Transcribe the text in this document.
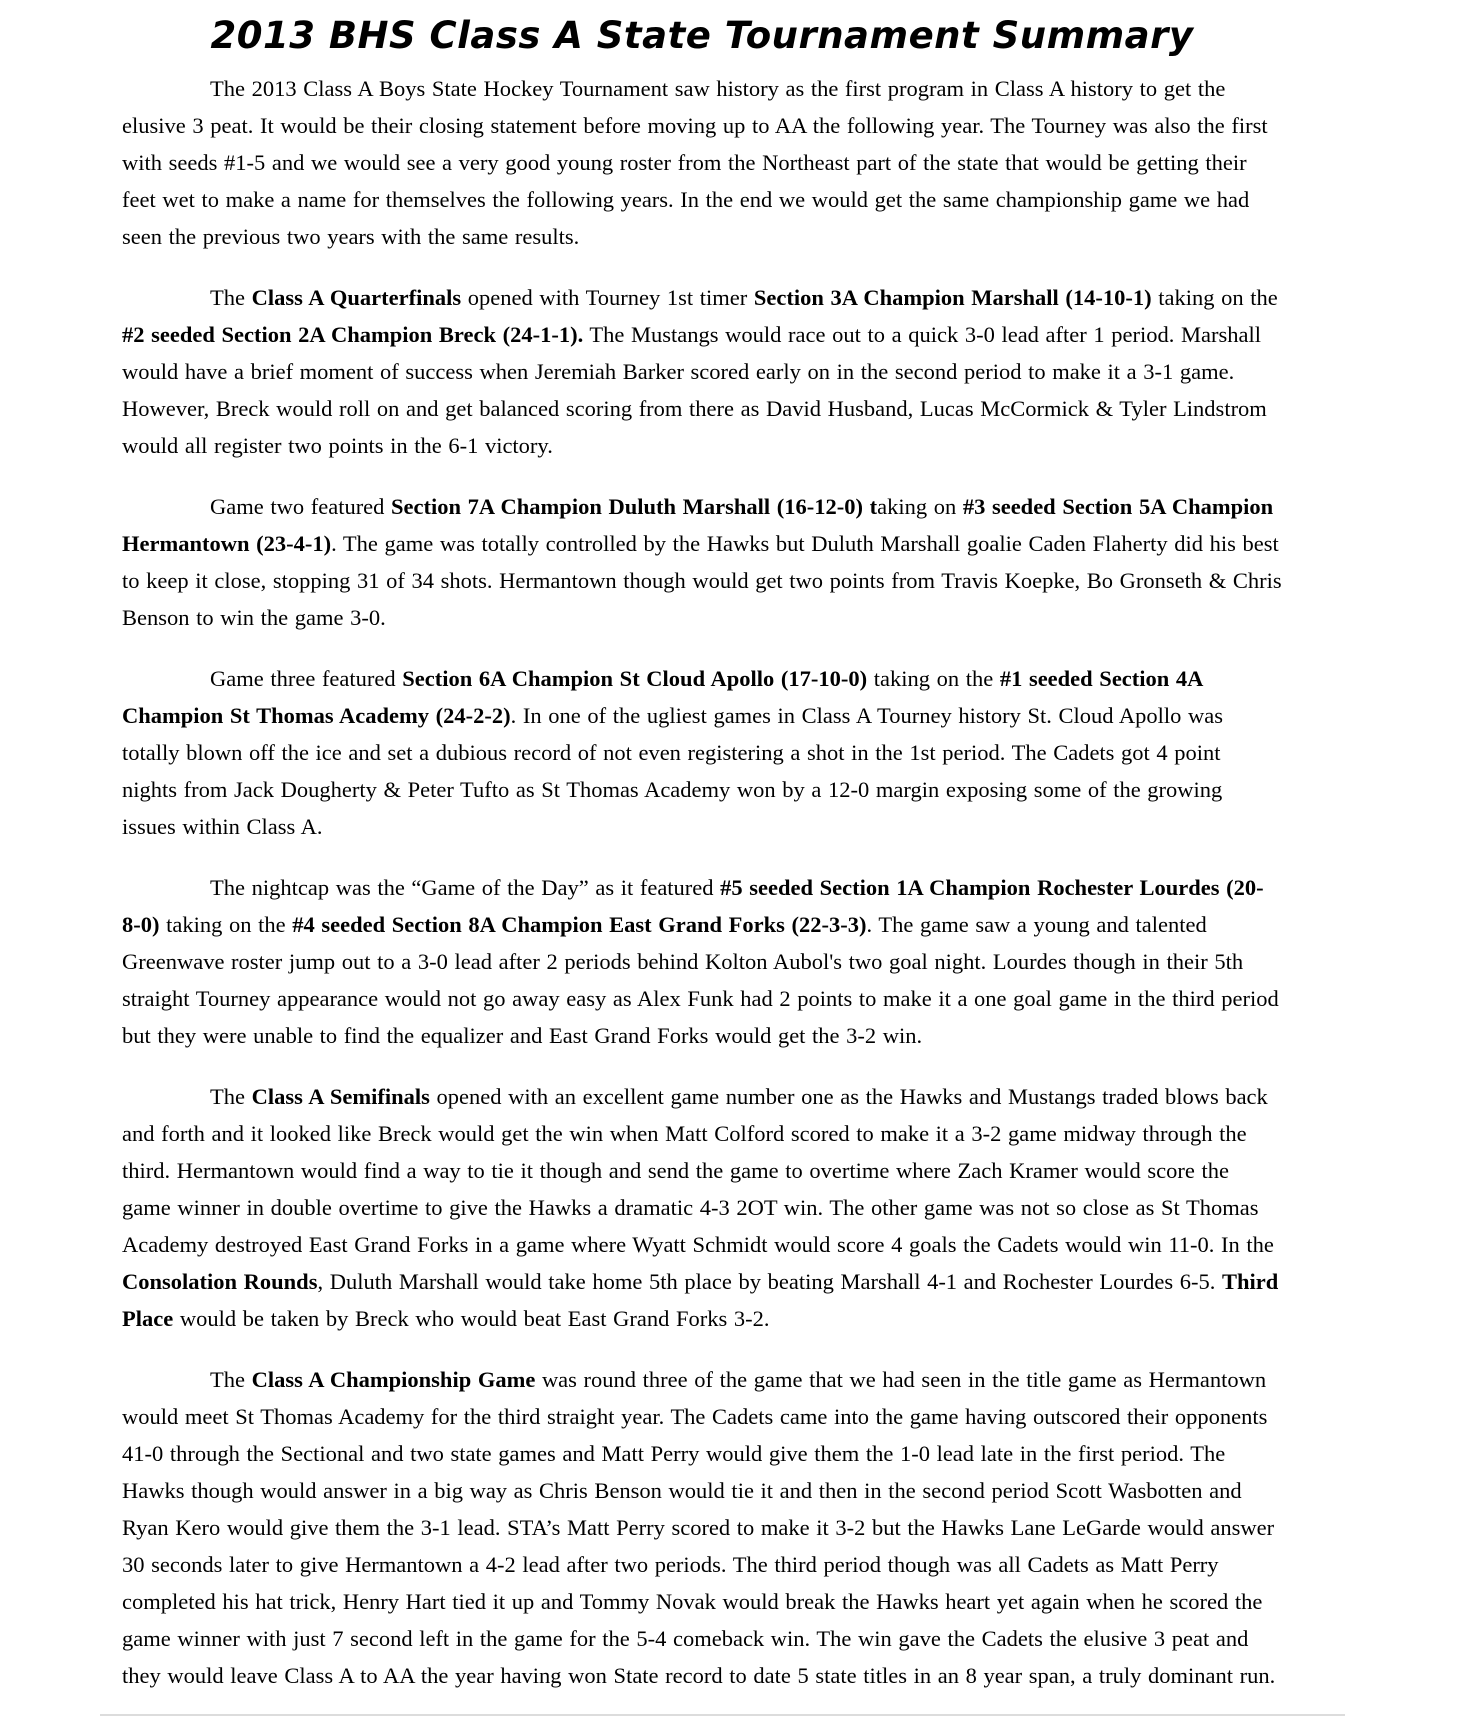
2013 BHS Class A State Tournament Summary

The 2013 Class A Boys State Hockey Tournament saw history as the first program in Class A history to get the elusive 3 peat. It would be their closing statement before moving up to AA the following year. The Tourney was also the first with seeds #1-5 and we would see a very good young roster from the Northeast part of the state that would be getting their feet wet to make a name for themselves the following years. In the end we would get the same championship game we had seen the previous two years with the same results.

The Class A Quarterfinals opened with Tourney 1st timer Section 3A Champion Marshall (14-10-1) taking on the #2 seeded Section 2A Champion Breck (24-1-1). The Mustangs would race out to a quick 3-0 lead after 1 period. Marshall would have a brief moment of success when Jeremiah Barker scored early on in the second period to make it a 3-1 game. However, Breck would roll on and get balanced scoring from there as David Husband, Lucas McCormick & Tyler Lindstrom would all register two points in the 6-1 victory.

Game two featured Section 7A Champion Duluth Marshall (16-12-0) taking on #3 seeded Section 5A Champion Hermantown (23-4-1). The game was totally controlled by the Hawks but Duluth Marshall goalie Caden Flaherty did his best to keep it close, stopping 31 of 34 shots. Hermantown though would get two points from Travis Koepke, Bo Gronseth & Chris Benson to win the game 3-0.

Game three featured Section 6A Champion St Cloud Apollo (17-10-0) taking on the #1 seeded Section 4A Champion St Thomas Academy (24-2-2). In one of the ugliest games in Class A Tourney history St. Cloud Apollo was totally blown off the ice and set a dubious record of not even registering a shot in the 1st period. The Cadets got 4 point nights from Jack Dougherty & Peter Tufto as St Thomas Academy won by a 12-0 margin exposing some of the growing issues within Class A.

The nightcap was the “Game of the Day” as it featured #5 seeded Section 1A Champion Rochester Lourdes (20-8-0) taking on the #4 seeded Section 8A Champion East Grand Forks (22-3-3). The game saw a young and talented Greenwave roster jump out to a 3-0 lead after 2 periods behind Kolton Aubol's two goal night. Lourdes though in their 5th straight Tourney appearance would not go away easy as Alex Funk had 2 points to make it a one goal game in the third period but they were unable to find the equalizer and East Grand Forks would get the 3-2 win.

The Class A Semifinals opened with an excellent game number one as the Hawks and Mustangs traded blows back and forth and it looked like Breck would get the win when Matt Colford scored to make it a 3-2 game midway through the third. Hermantown would find a way to tie it though and send the game to overtime where Zach Kramer would score the game winner in double overtime to give the Hawks a dramatic 4-3 2OT win. The other game was not so close as St Thomas Academy destroyed East Grand Forks in a game where Wyatt Schmidt would score 4 goals the Cadets would win 11-0. In the Consolation Rounds, Duluth Marshall would take home 5th place by beating Marshall 4-1 and Rochester Lourdes 6-5. Third Place would be taken by Breck who would beat East Grand Forks 3-2.

The Class A Championship Game was round three of the game that we had seen in the title game as Hermantown would meet St Thomas Academy for the third straight year. The Cadets came into the game having outscored their opponents 41-0 through the Sectional and two state games and Matt Perry would give them the 1-0 lead late in the first period. The Hawks though would answer in a big way as Chris Benson would tie it and then in the second period Scott Wasbotten and Ryan Kero would give them the 3-1 lead. STA’s Matt Perry scored to make it 3-2 but the Hawks Lane LeGarde would answer 30 seconds later to give Hermantown a 4-2 lead after two periods. The third period though was all Cadets as Matt Perry completed his hat trick, Henry Hart tied it up and Tommy Novak would break the Hawks heart yet again when he scored the game winner with just 7 second left in the game for the 5-4 comeback win. The win gave the Cadets the elusive 3 peat and they would leave Class A to AA the year having won State record to date 5 state titles in an 8 year span, a truly dominant run.
